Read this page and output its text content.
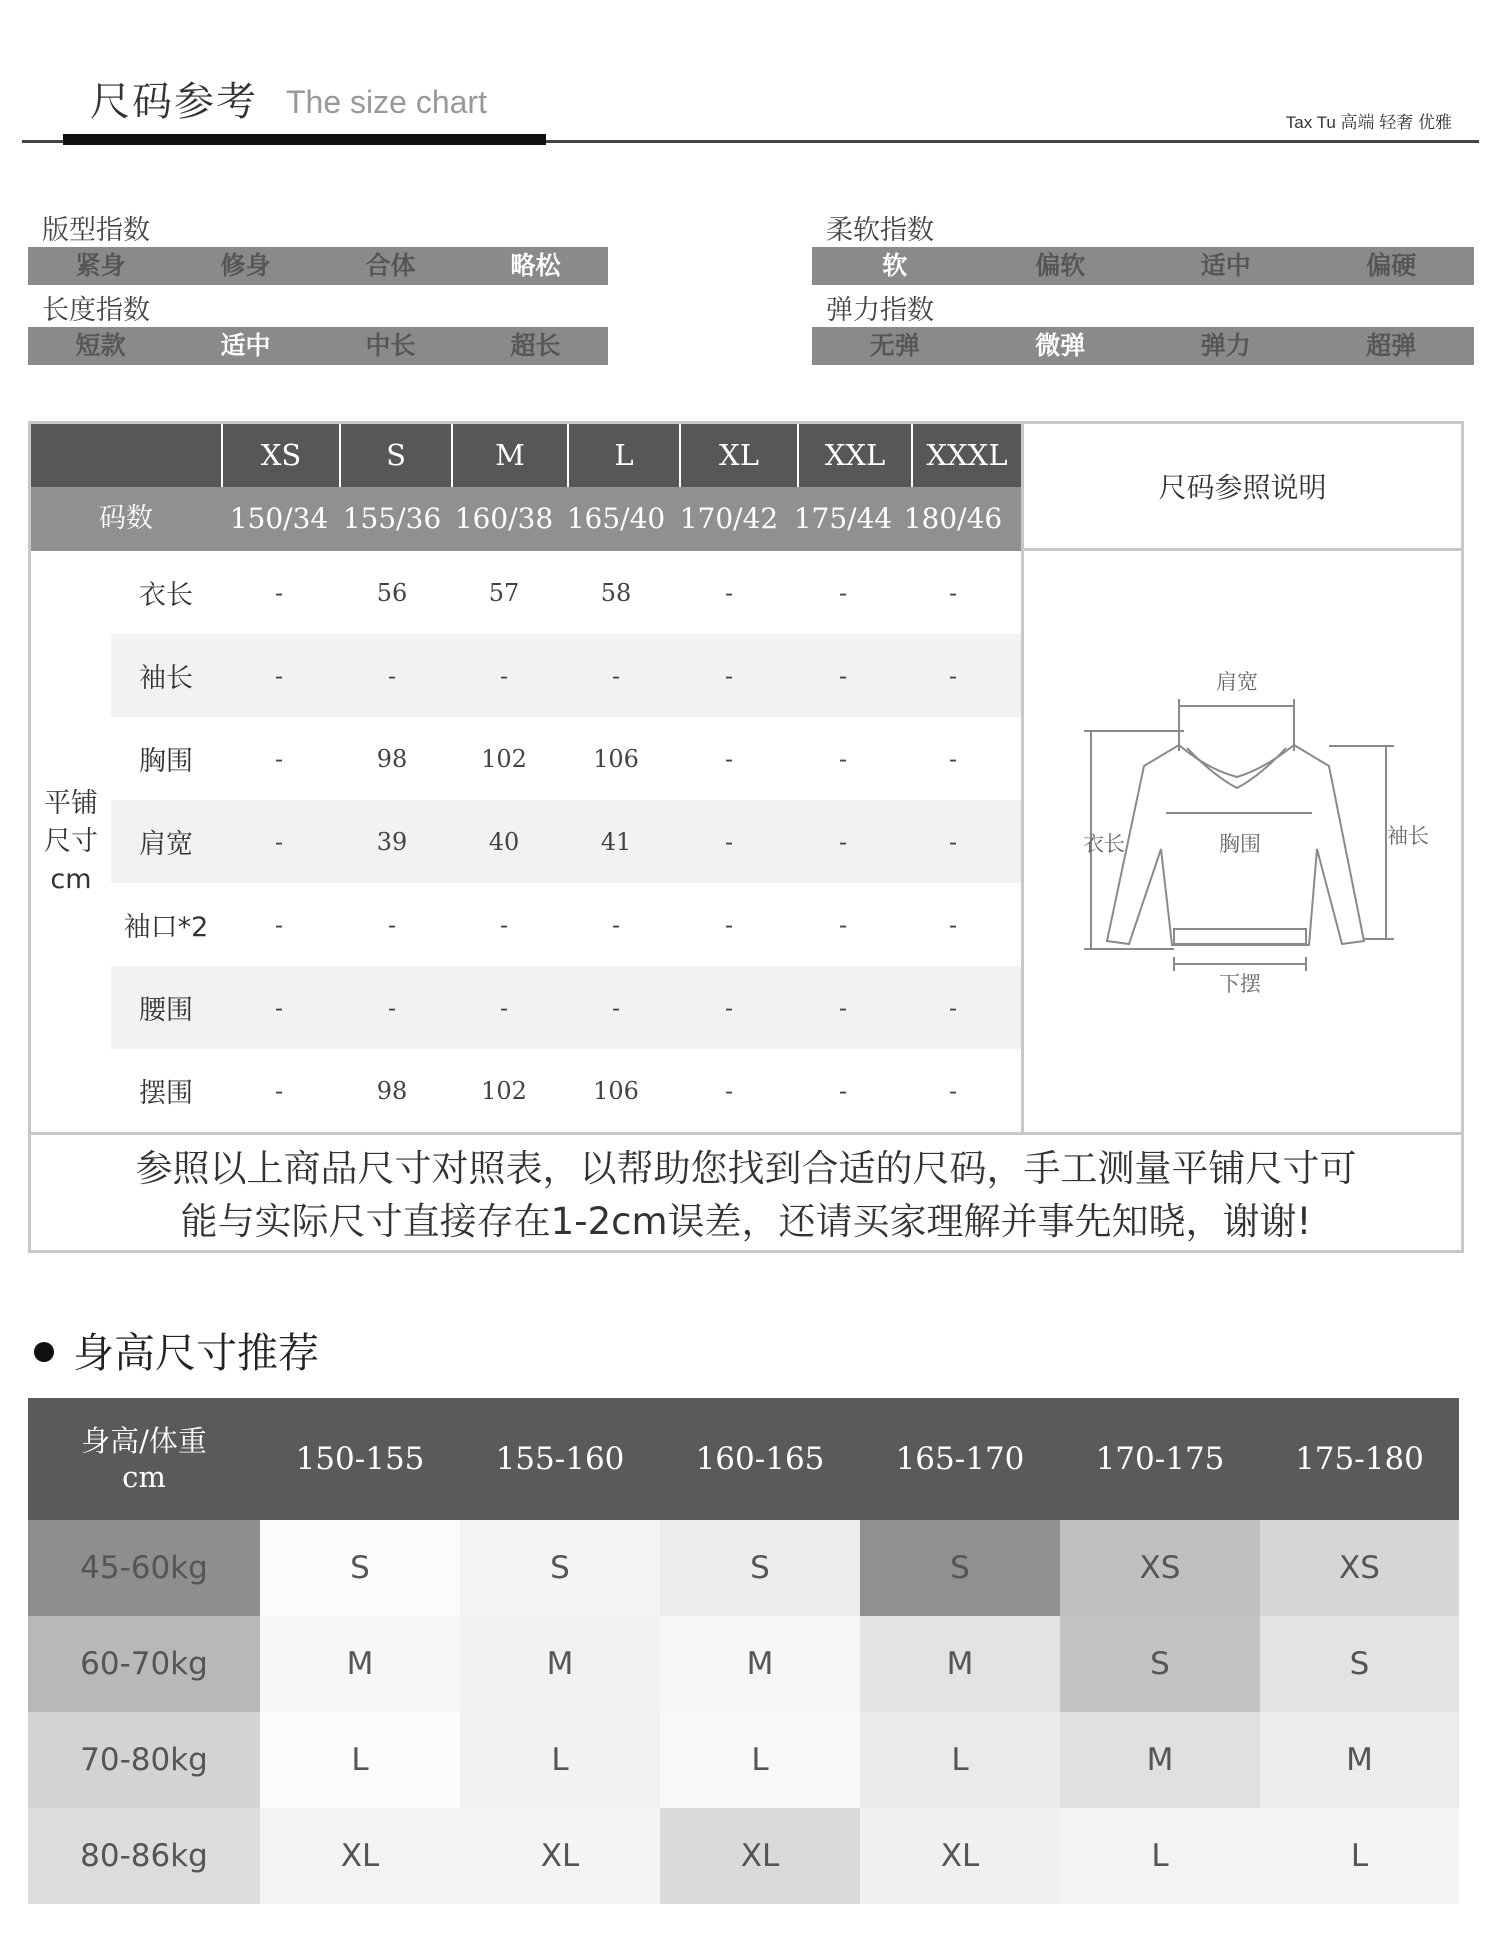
尺码参考 The size chart
Tax Tu 高端 轻奢 优雅
版型指数
紧身	修身	合体	略松
长度指数
短款	适中	中长	超长
柔软指数
软	偏软	适中	偏硬
弹力指数
无弹	微弹	弹力	超弹
XS	S	M	L	XL	XXL	XXXL
码数	150/34 155/36 160/38 165/40 170/42 175/44 180/46
尺码参照说明
平铺尺寸 cm
衣长	-	56	57	58	-	-	-
袖长	-	-	-	-	-	-	-
胸围	-	98	102	106	-	-	-
肩宽	-	39	40	41	-	-	-
袖口*2	-	-	-	-	-	-	-
腰围	-	-	-	-	-	-	-
摆围	-	98	102	106	-	-	-
肩宽
衣长	胸围	袖长
下摆
参照以上商品尺寸对照表，以帮助您找到合适的尺码，手工测量平铺尺寸可
能与实际尺寸直接存在1-2cm误差，还请买家理解并事先知晓，谢谢!
身高尺寸推荐
身高/体重
cm	150-155	155-160	160-165	165-170	170-175	175-180
45-60kg	S	S	S	S	XS	XS
60-70kg	M	M	M	M	S	S
70-80kg	L	L	L	L	M	M
80-86kg	XL	XL	XL	XL	L	L
